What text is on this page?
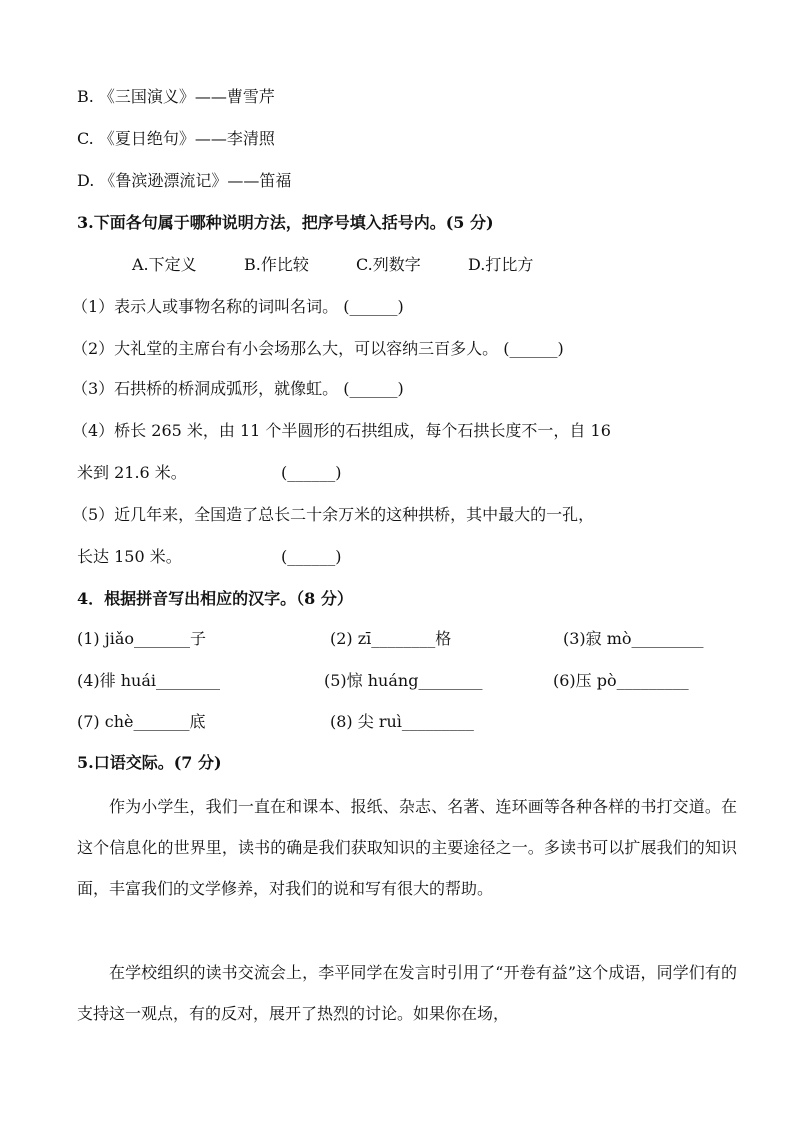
B. 《三国演义》——曹雪芹
C. 《夏日绝句》——李清照
D. 《鲁滨逊漂流记》——笛福
3.下面各句属于哪种说明方法，把序号填入括号内。(5 分)
A.下定义	B.作比较	C.列数字	D.打比方
（1）表示人或事物名称的词叫名词。 (______)
（2）大礼堂的主席台有小会场那么大，可以容纳三百多人。 (______)
（3）石拱桥的桥洞成弧形，就像虹。 (______)
（4）桥长 265 米，由 11 个半圆形的石拱组成，每个石拱长度不一，自 16
米到 21.6 米。	(______)
（5）近几年来，全国造了总长二十余万米的这种拱桥，其中最大的一孔，
长达 150 米。	(______)
4．根据拼音写出相应的汉字。（8 分）
(1) jiǎo_______子	(2) zī________格	(3)寂 mò_________
(4)徘 huái________	(5)惊 huáng________	(6)压 pò_________
(7) chè_______底	(8) 尖 ruì_________
5.口语交际。(7 分)
作为小学生，我们一直在和课本、报纸、杂志、名著、连环画等各种各样的书打交道。在这个信息化的世界里，读书的确是我们获取知识的主要途径之一。多读书可以扩展我们的知识面，丰富我们的文学修养，对我们的说和写有很大的帮助。
在学校组织的读书交流会上，李平同学在发言时引用了“开卷有益”这个成语，同学们有的支持这一观点，有的反对，展开了热烈的讨论。如果你在场，
